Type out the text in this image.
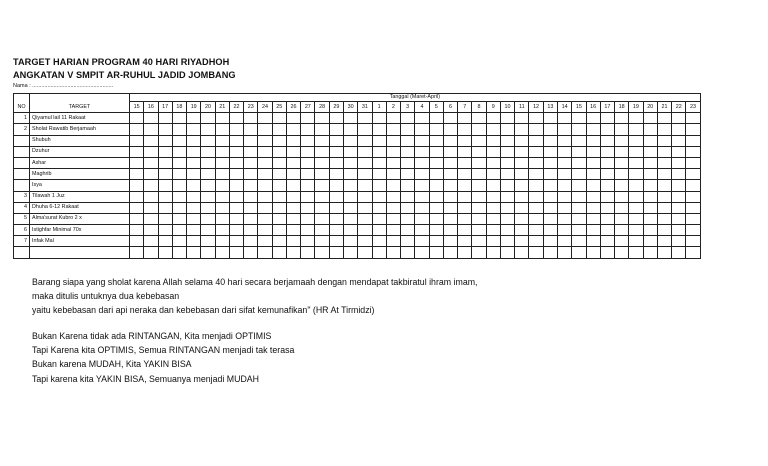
TARGET HARIAN PROGRAM 40 HARI RIYADHOH
ANGKATAN V SMPIT AR-RUHUL JADID JOMBANG
Nama : .....................................................
NO	TARGET	Tanggal (Maret-April)																																							
		15	16	17	18	19	20	21	22	23	24	25	26	27	28	29	30	31	1	2	3	4	5	6	7	8	9	10	11	12	13	14	15	16	17	18	19	20	21	22	23
1	Qiyamul lail 11 Rakaat																																								
2	Sholat Rawatib Berjamaah																																								
	Shubuh																																								
	Dzuhur																																								
	Ashar																																								
	Maghrib																																								
	Isya																																								
3	Tilawah 1 Juz																																								
4	Dhuha 6-12 Rakaat																																								
5	Alma'surat Kubro 2 x																																								
6	Istighfar Minimal 70x																																								
7	Infak Mal																																								

Barang siapa yang sholat karena Allah selama 40 hari secara berjamaah dengan mendapat takbiratul ihram imam,
maka ditulis untuknya dua kebebasan
yaitu kebebasan dari api neraka dan kebebasan dari sifat kemunafikan" (HR At Tirmidzi)
Bukan Karena tidak ada RINTANGAN, Kita menjadi OPTIMIS
Tapi Karena kita OPTIMIS, Semua RINTANGAN menjadi tak terasa
Bukan karena MUDAH, Kita YAKIN BISA
Tapi karena kita YAKIN BISA, Semuanya menjadi MUDAH
